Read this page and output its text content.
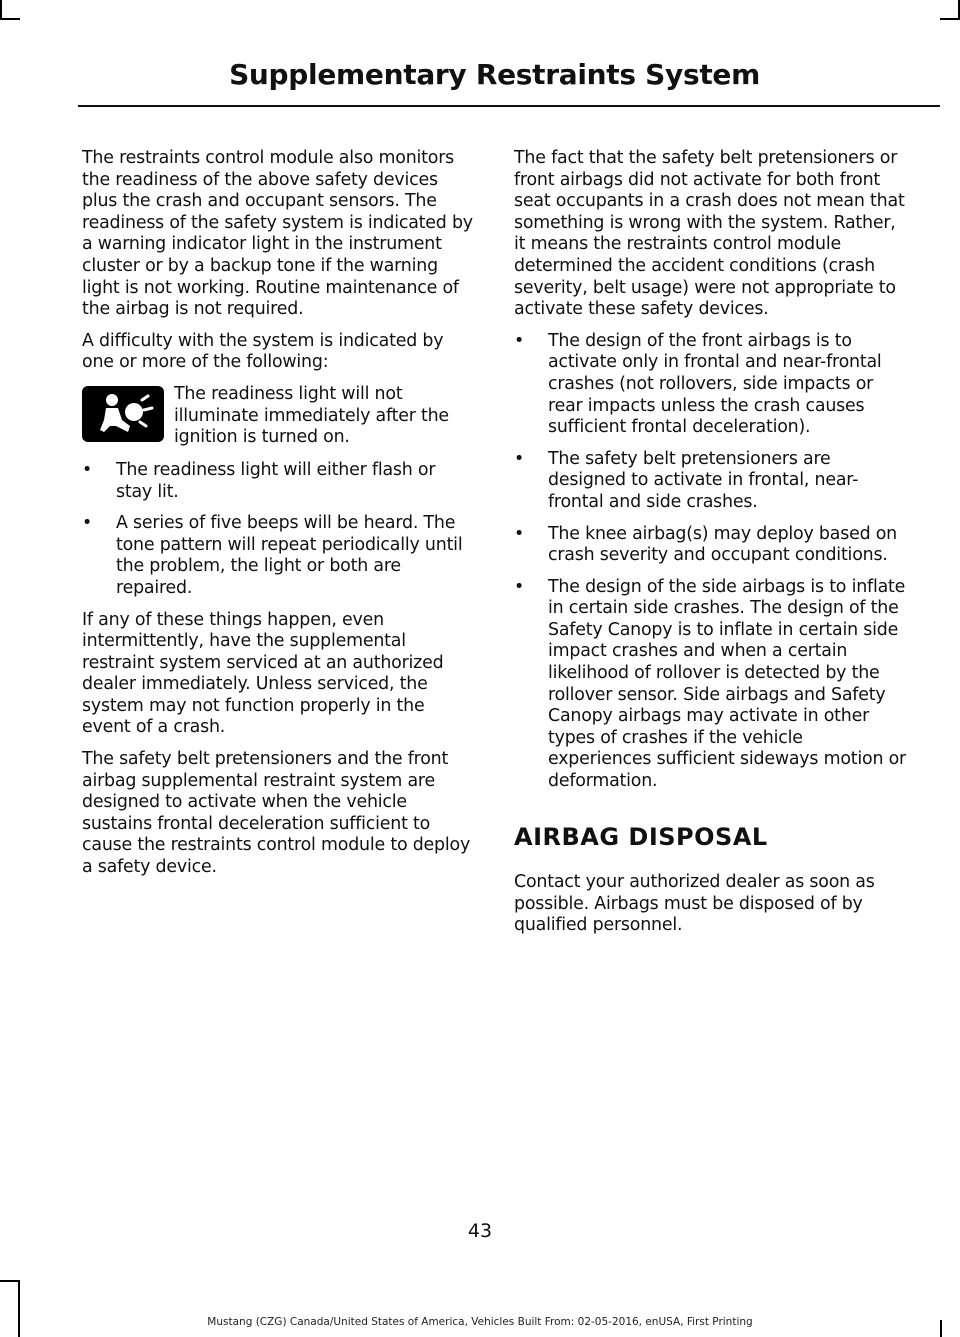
Supplementary Restraints System

The restraints control module also monitors the readiness of the above safety devices plus the crash and occupant sensors. The readiness of the safety system is indicated by a warning indicator light in the instrument cluster or by a backup tone if the warning light is not working. Routine maintenance of the airbag is not required.

A difficulty with the system is indicated by one or more of the following:

The readiness light will not illuminate immediately after the ignition is turned on.
• The readiness light will either flash or stay lit.
• A series of five beeps will be heard. The tone pattern will repeat periodically until the problem, the light or both are repaired.

If any of these things happen, even intermittently, have the supplemental restraint system serviced at an authorized dealer immediately. Unless serviced, the system may not function properly in the event of a crash.

The safety belt pretensioners and the front airbag supplemental restraint system are designed to activate when the vehicle sustains frontal deceleration sufficient to cause the restraints control module to deploy a safety device.

The fact that the safety belt pretensioners or front airbags did not activate for both front seat occupants in a crash does not mean that something is wrong with the system. Rather, it means the restraints control module determined the accident conditions (crash severity, belt usage) were not appropriate to activate these safety devices.

• The design of the front airbags is to activate only in frontal and near-frontal crashes (not rollovers, side impacts or rear impacts unless the crash causes sufficient frontal deceleration).
• The safety belt pretensioners are designed to activate in frontal, near-frontal and side crashes.
• The knee airbag(s) may deploy based on crash severity and occupant conditions.
• The design of the side airbags is to inflate in certain side crashes. The design of the Safety Canopy is to inflate in certain side impact crashes and when a certain likelihood of rollover is detected by the rollover sensor. Side airbags and Safety Canopy airbags may activate in other types of crashes if the vehicle experiences sufficient sideways motion or deformation.
AIRBAG DISPOSAL

Contact your authorized dealer as soon as possible. Airbags must be disposed of by qualified personnel.

43
Mustang (CZG) Canada/United States of America, Vehicles Built From: 02-05-2016, enUSA, First Printing
